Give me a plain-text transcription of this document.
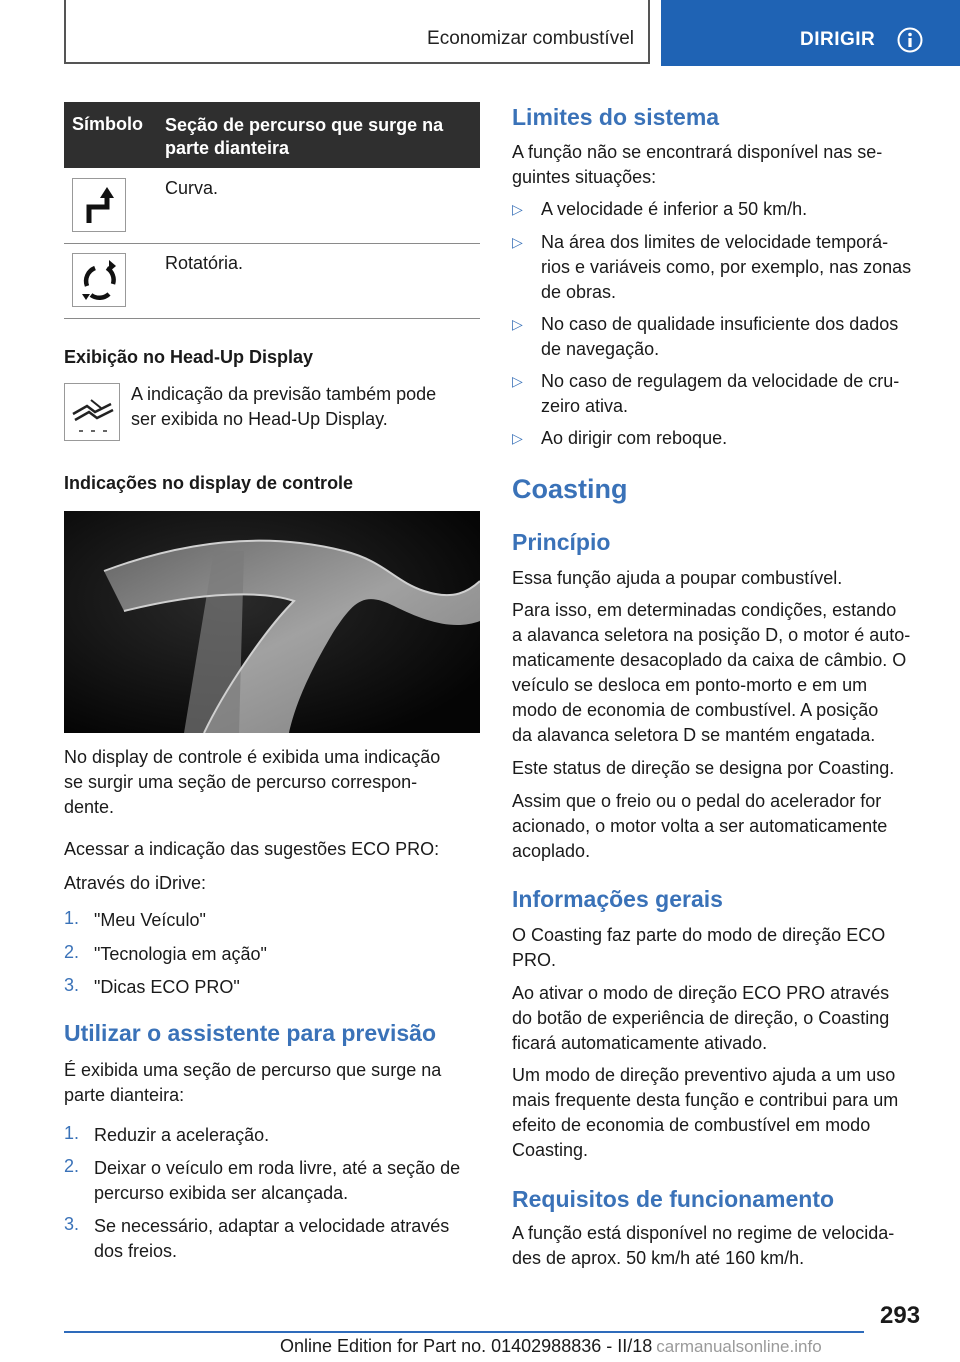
Economizar combustível	DIRIGIR
Símbolo Seção de percurso que surge na parte dianteira
Curva.
Rotatória.
Exibição no Head-Up Display
A indicação da previsão também pode
ser exibida no Head-Up Display.
Indicações no display de controle
No display de controle é exibida uma indicação
se surgir uma seção de percurso correspon-
dente.
Acessar a indicação das sugestões ECO PRO:
Através do iDrive:
1. "Meu Veículo"
2. "Tecnologia em ação"
3. "Dicas ECO PRO"
Utilizar o assistente para previsão
É exibida uma seção de percurso que surge na
parte dianteira:
1. Reduzir a aceleração.
2. Deixar o veículo em roda livre, até a seção de
percurso exibida ser alcançada.
3. Se necessário, adaptar a velocidade através
dos freios.
Limites do sistema
A função não se encontrará disponível nas se-
guintes situações:
▷ A velocidade é inferior a 50 km/h.
▷ Na área dos limites de velocidade temporá-
rios e variáveis como, por exemplo, nas zonas
de obras.
▷ No caso de qualidade insuficiente dos dados
de navegação.
▷ No caso de regulagem da velocidade de cru-
zeiro ativa.
▷ Ao dirigir com reboque.
Coasting
Princípio
Essa função ajuda a poupar combustível.
Para isso, em determinadas condições, estando
a alavanca seletora na posição D, o motor é auto-
maticamente desacoplado da caixa de câmbio. O
veículo se desloca em ponto-morto e em um
modo de economia de combustível. A posição
da alavanca seletora D se mantém engatada.
Este status de direção se designa por Coasting.
Assim que o freio ou o pedal do acelerador for
acionado, o motor volta a ser automaticamente
acoplado.
Informações gerais
O Coasting faz parte do modo de direção ECO
PRO.
Ao ativar o modo de direção ECO PRO através
do botão de experiência de direção, o Coasting
ficará automaticamente ativado.
Um modo de direção preventivo ajuda a um uso
mais frequente desta função e contribui para um
efeito de economia de combustível em modo
Coasting.
Requisitos de funcionamento
A função está disponível no regime de velocida-
des de aprox. 50 km/h até 160 km/h.
293
Online Edition for Part no. 01402988836 - II/18 carmanualsonline.info
